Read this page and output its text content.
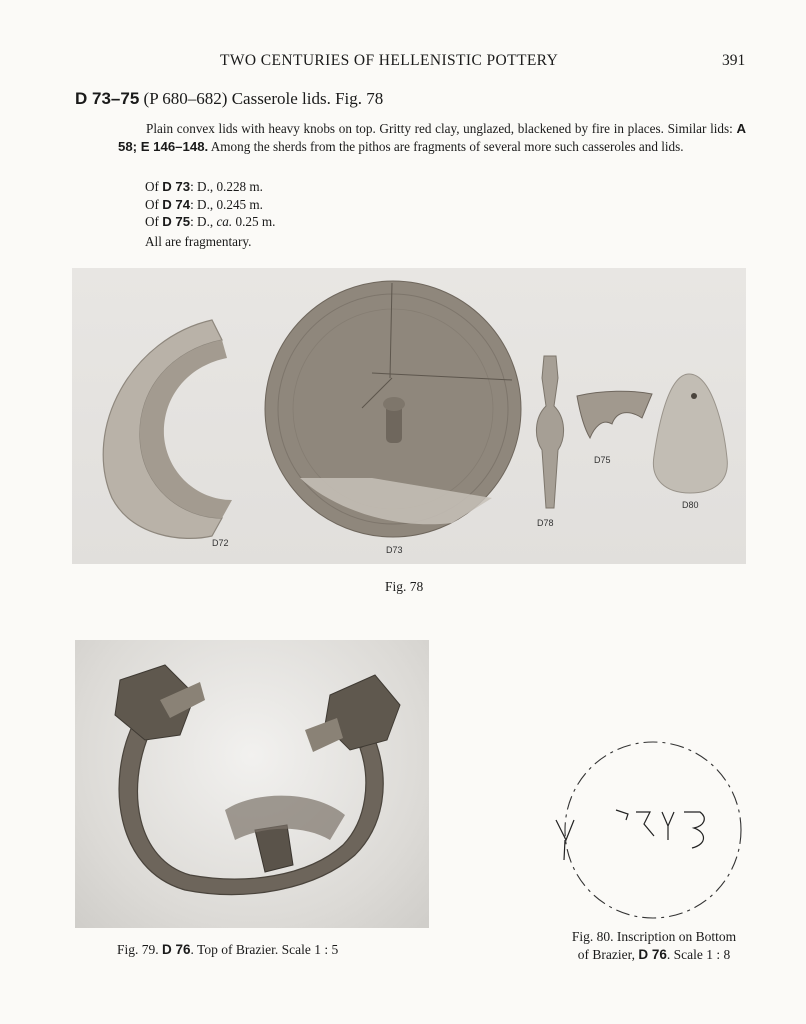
TWO CENTURIES OF HELLENISTIC POTTERY	391
D 73–75 (P 680–682) Casserole lids. Fig. 78

Plain convex lids with heavy knobs on top. Gritty red clay, unglazed, blackened by fire in places. Similar lids: A 58; E 146–148. Among the sherds from the pithos are fragments of several more such casseroles and lids.

Of D 73: D., 0.228 m.
Of D 74: D., 0.245 m.
Of D 75: D., ca. 0.25 m.
All are fragmentary.
D72
D73
D78
D75
D80
Fig. 78
Fig. 79. D 76. Top of Brazier. Scale 1 : 5
Fig. 80. Inscription on Bottom
of Brazier, D 76. Scale 1 : 8
